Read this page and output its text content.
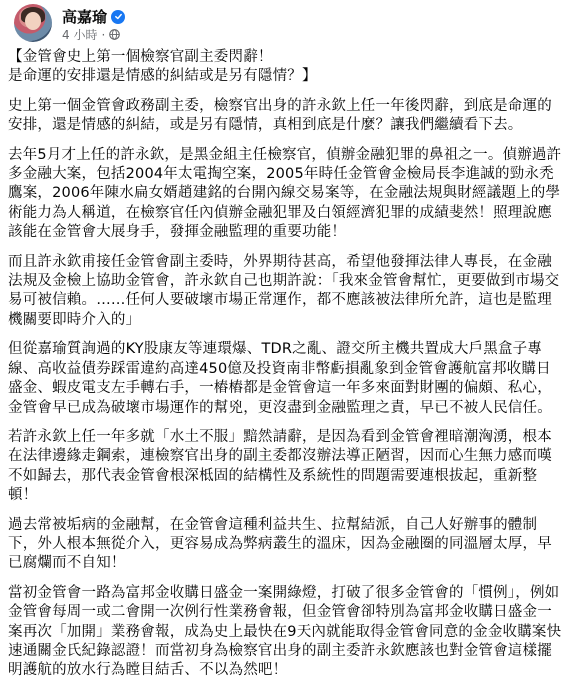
高嘉瑜
4 小時 ·

【金管會史上第一個檢察官副主委閃辭！

是命運的安排還是情感的糾結或是另有隱情？】

史上第一個金管會政務副主委，檢察官出身的許永欽上任一年後閃辭，到底是命運的安排，還是情感的糾結，或是另有隱情，真相到底是什麼？讓我們繼續看下去。

去年5月才上任的許永欽，是黑金組主任檢察官，偵辦金融犯罪的鼻祖之一。偵辦過許多金融大案，包括2004年太電掏空案，2005年時任金管會金檢局長李進誠的勁永禿鷹案，2006年陳水扁女婿趙建銘的台開內線交易案等，在金融法規與財經議題上的學術能力為人稱道，在檢察官任內偵辦金融犯罪及白領經濟犯罪的成績斐然！照理說應該能在金管會大展身手，發揮金融監理的重要功能！

而且許永欽甫接任金管會副主委時，外界期待甚高，希望他發揮法律人專長，在金融法規及金檢上協助金管會，許永欽自己也期許說：「我來金管會幫忙，更要做到市場交易可被信賴。……任何人要破壞市場正常運作，都不應該被法律所允許，這也是監理機關要即時介入的」

但從嘉瑜質詢過的KY股康友等連環爆、TDR之亂、證交所主機共置成大戶黑盒子專線、高收益債券踩雷違約高達450億及投資南非幣虧損亂象到金管會護航富邦收購日盛金、蝦皮電支左手轉右手，一樁樁都是金管會這一年多來面對財團的偏頗、私心，金管會早已成為破壞市場運作的幫兇，更沒盡到金融監理之責，早已不被人民信任。

若許永欽上任一年多就「水土不服」黯然請辭，是因為看到金管會裡暗潮洶湧，根本在法律邊緣走鋼索，連檢察官出身的副主委都沒辦法導正陋習，因而心生無力感而嘆不如歸去，那代表金管會根深柢固的結構性及系統性的問題需要連根拔起，重新整頓！

過去常被垢病的金融幫，在金管會這種利益共生、拉幫結派，自己人好辦事的體制下，外人根本無從介入，更容易成為弊病叢生的溫床，因為金融圈的同溫層太厚，早已腐爛而不自知！

當初金管會一路為富邦金收購日盛金一案開綠燈，打破了很多金管會的「慣例」，例如金管會每周一或二會開一次例行性業務會報，但金管會卻特別為富邦金收購日盛金一案再次「加開」業務會報，成為史上最快在9天內就能取得金管會同意的金金收購案快速通關金氏紀錄認證！而當初身為檢察官出身的副主委許永欽應該也對金管會這樣擺明護航的放水行為瞠目結舌、不以為然吧！
